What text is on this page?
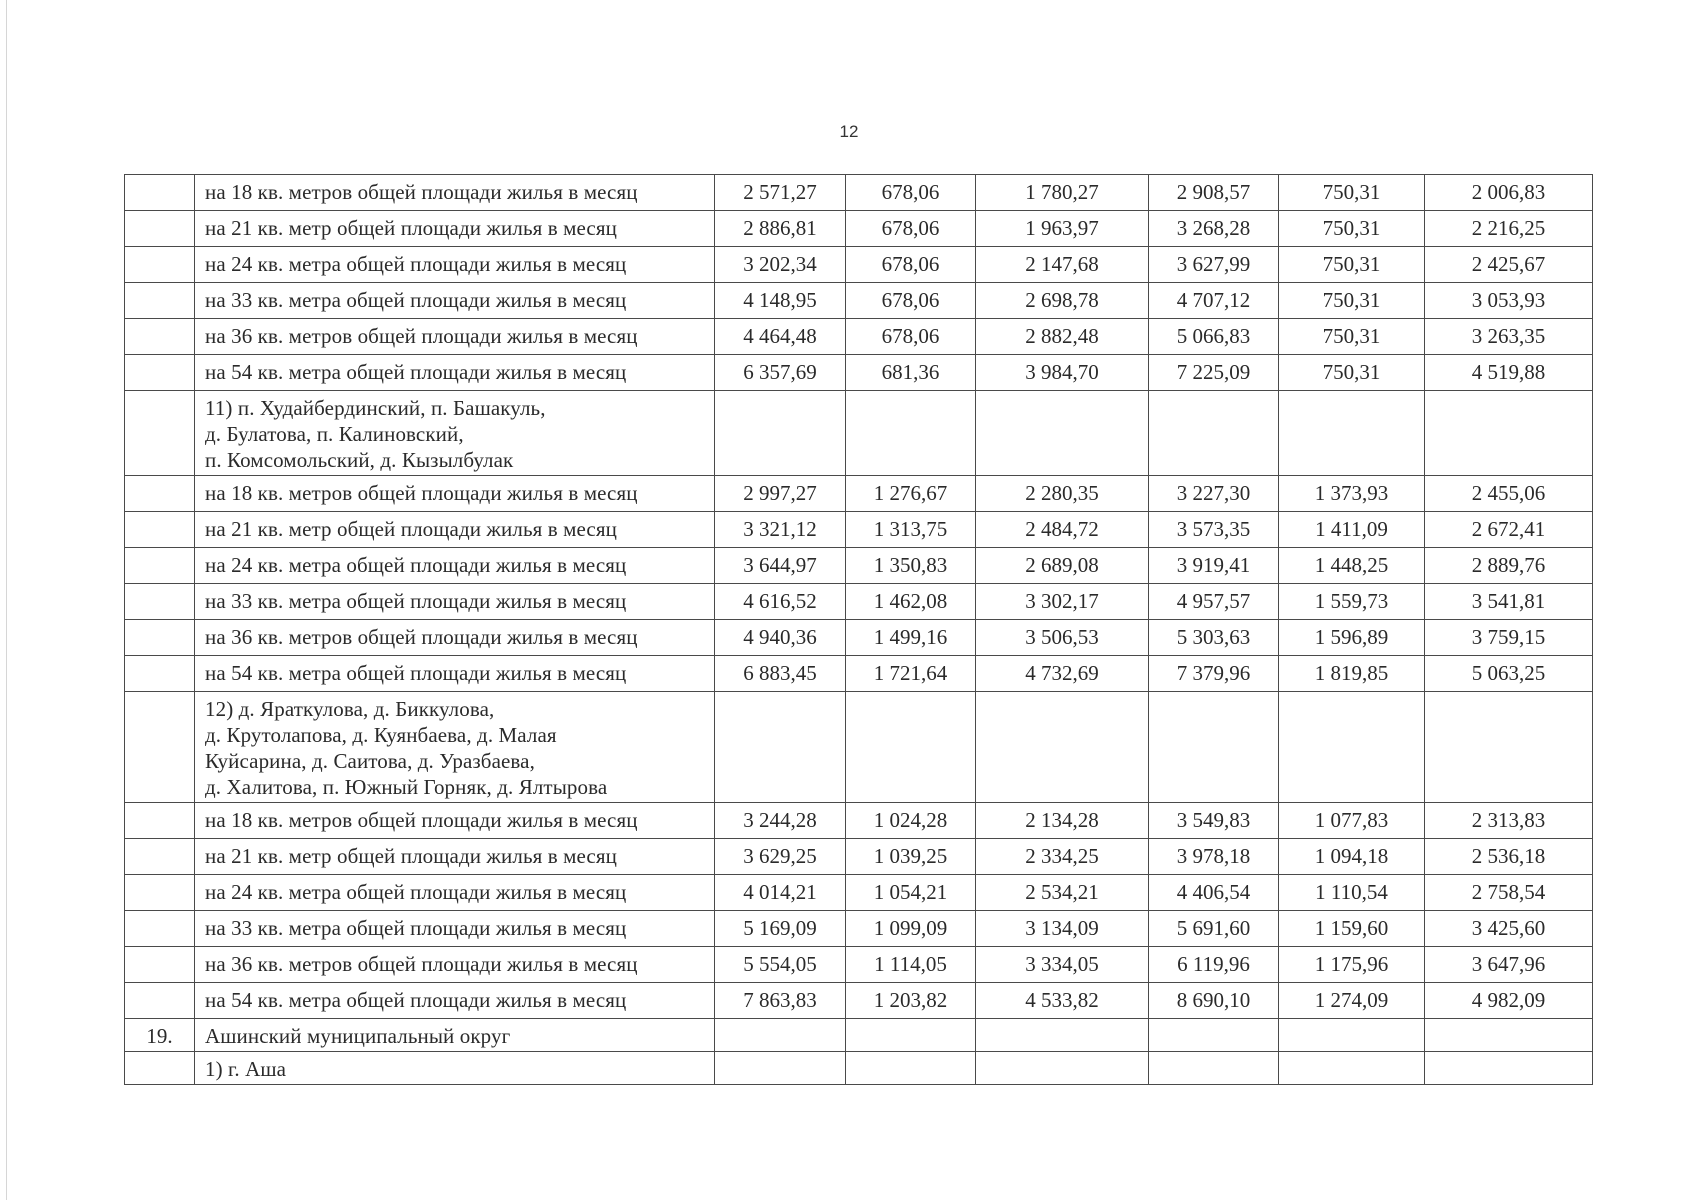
12
	на 18 кв. метров общей площади жилья в месяц	2 571,27	678,06	1 780,27	2 908,57	750,31	2 006,83
	на 21 кв. метр общей площади жилья в месяц	2 886,81	678,06	1 963,97	3 268,28	750,31	2 216,25
	на 24 кв. метра общей площади жилья в месяц	3 202,34	678,06	2 147,68	3 627,99	750,31	2 425,67
	на 33 кв. метра общей площади жилья в месяц	4 148,95	678,06	2 698,78	4 707,12	750,31	3 053,93
	на 36 кв. метров общей площади жилья в месяц	4 464,48	678,06	2 882,48	5 066,83	750,31	3 263,35
	на 54 кв. метра общей площади жилья в месяц	6 357,69	681,36	3 984,70	7 225,09	750,31	4 519,88

	11) п. Худайбердинский, п. Башакуль,
д. Булатова, п. Калиновский,
п. Комсомольский, д. Кызылбулак						

	на 18 кв. метров общей площади жилья в месяц	2 997,27	1 276,67	2 280,35	3 227,30	1 373,93	2 455,06
	на 21 кв. метр общей площади жилья в месяц	3 321,12	1 313,75	2 484,72	3 573,35	1 411,09	2 672,41
	на 24 кв. метра общей площади жилья в месяц	3 644,97	1 350,83	2 689,08	3 919,41	1 448,25	2 889,76
	на 33 кв. метра общей площади жилья в месяц	4 616,52	1 462,08	3 302,17	4 957,57	1 559,73	3 541,81
	на 36 кв. метров общей площади жилья в месяц	4 940,36	1 499,16	3 506,53	5 303,63	1 596,89	3 759,15
	на 54 кв. метра общей площади жилья в месяц	6 883,45	1 721,64	4 732,69	7 379,96	1 819,85	5 063,25

	12) д. Яраткулова, д. Биккулова,
д. Крутолапова, д. Куянбаева, д. Малая
Куйсарина, д. Саитова, д. Уразбаева,
д. Халитова, п. Южный Горняк, д. Ялтырова						

	на 18 кв. метров общей площади жилья в месяц	3 244,28	1 024,28	2 134,28	3 549,83	1 077,83	2 313,83
	на 21 кв. метр общей площади жилья в месяц	3 629,25	1 039,25	2 334,25	3 978,18	1 094,18	2 536,18
	на 24 кв. метра общей площади жилья в месяц	4 014,21	1 054,21	2 534,21	4 406,54	1 110,54	2 758,54
	на 33 кв. метра общей площади жилья в месяц	5 169,09	1 099,09	3 134,09	5 691,60	1 159,60	3 425,60
	на 36 кв. метров общей площади жилья в месяц	5 554,05	1 114,05	3 334,05	6 119,96	1 175,96	3 647,96
	на 54 кв. метра общей площади жилья в месяц	7 863,83	1 203,82	4 533,82	8 690,10	1 274,09	4 982,09
19.	Ашинский муниципальный округ						

	1) г. Аша						
